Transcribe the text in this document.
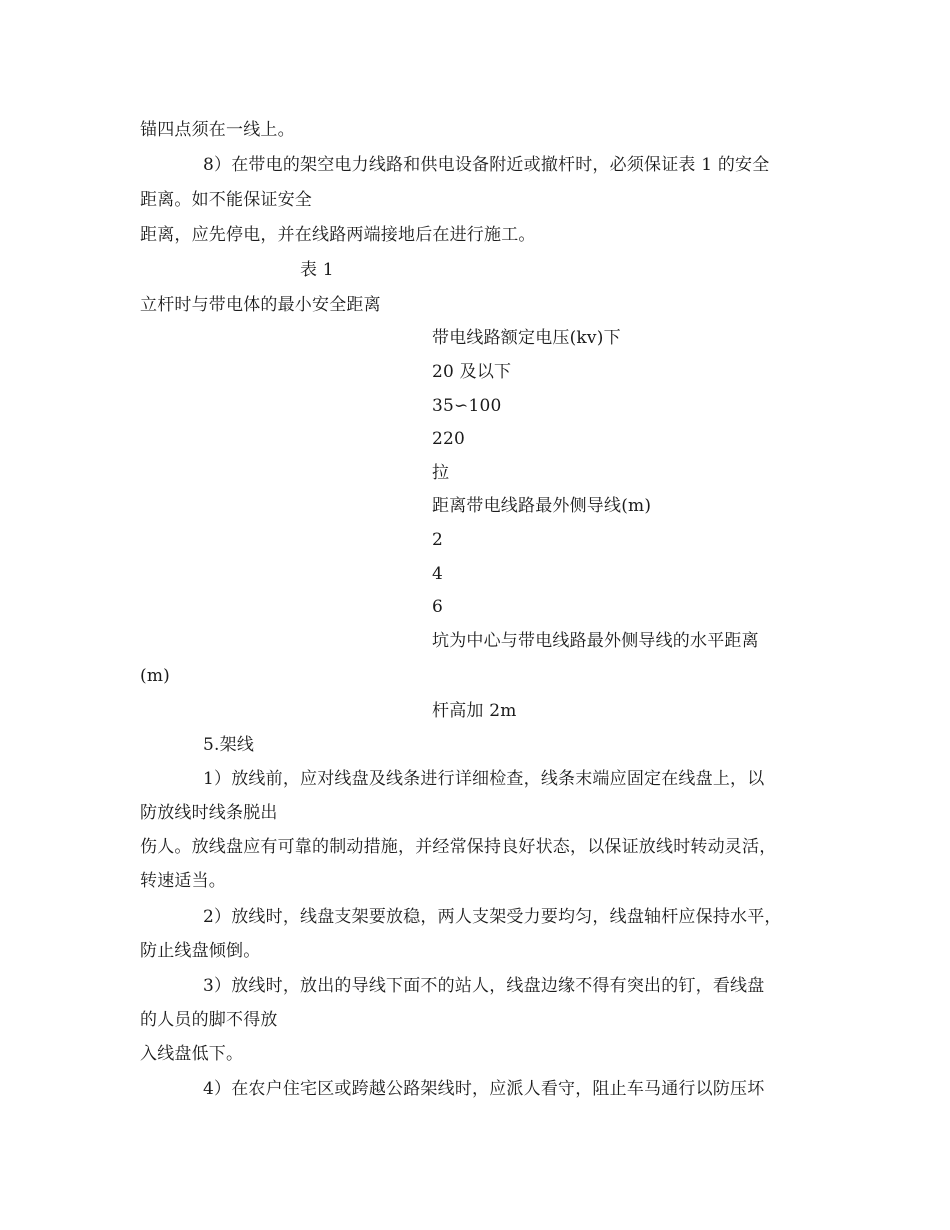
锚四点须在一线上。
8）在带电的架空电力线路和供电设备附近或撤杆时，必须保证表 1 的安全
距离。如不能保证安全
距离，应先停电，并在线路两端接地后在进行施工。
表 1
立杆时与带电体的最小安全距离
带电线路额定电压(kv)下
20 及以下
35∽100
220
拉
距离带电线路最外侧导线(m)
2
4
6
坑为中心与带电线路最外侧导线的水平距离
(m)
杆高加 2m
5.架线
1）放线前，应对线盘及线条进行详细检查，线条末端应固定在线盘上，以
防放线时线条脱出
伤人。放线盘应有可靠的制动措施，并经常保持良好状态，以保证放线时转动灵活，
转速适当。
2）放线时，线盘支架要放稳，两人支架受力要均匀，线盘轴杆应保持水平，
防止线盘倾倒。
3）放线时，放出的导线下面不的站人，线盘边缘不得有突出的钉，看线盘
的人员的脚不得放
入线盘低下。
4）在农户住宅区或跨越公路架线时，应派人看守，阻止车马通行以防压坏
